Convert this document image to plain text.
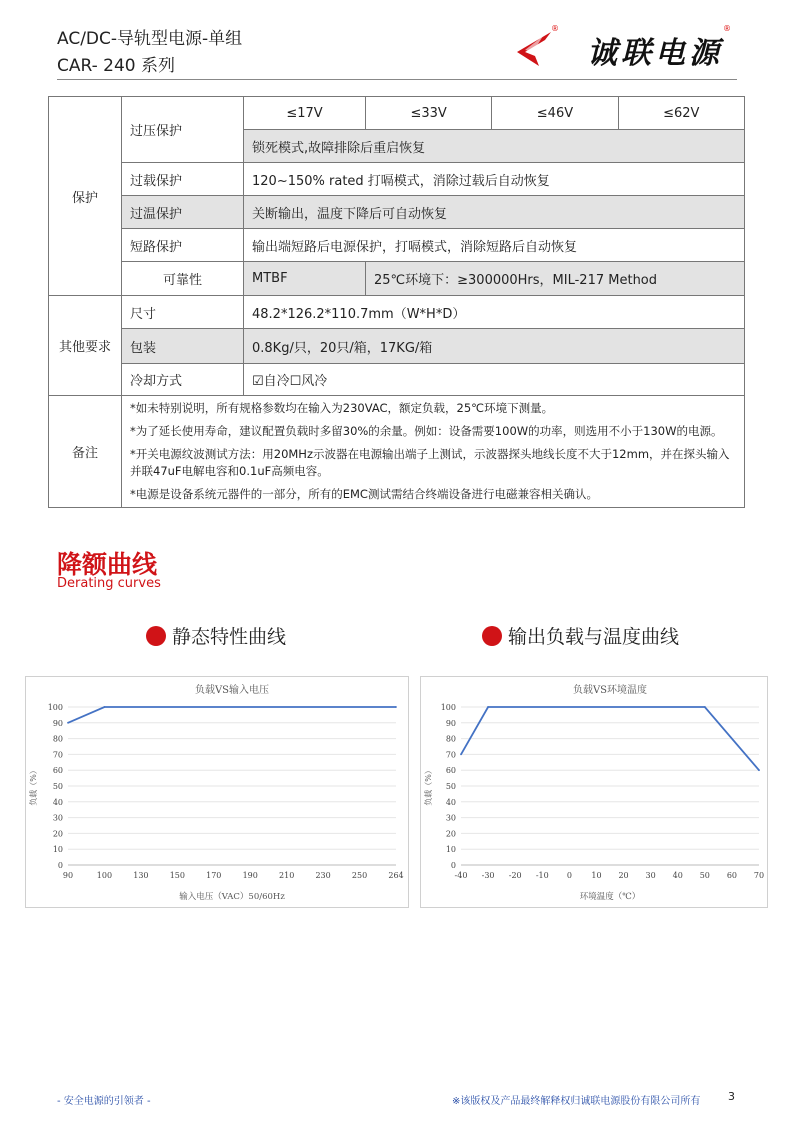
AC/DC-导轨型电源-单组
CAR- 240 系列
®
诚联电源
®
保护	过压保护	≤17V	≤33V	≤46V	≤62V
		锁死模式,故障排除后重启恢复			
	过载保护	120~150% rated 打嗝模式，消除过载后自动恢复			
	过温保护	关断输出，温度下降后可自动恢复			
	短路保护	输出端短路后电源保护，打嗝模式，消除短路后自动恢复			
	可靠性	MTBF	25℃环境下：≥300000Hrs，MIL-217 Method		
其他要求	尺寸	48.2*126.2*110.7mm（W*H*D）			
	包装	0.8Kg/只，20只/箱，17KG/箱			
	冷却方式	☑自冷☐风冷			
备注	*如未特别说明，所有规格参数均在输入为230VAC，额定负载，25℃环境下测量。
*为了延长使用寿命，建议配置负载时多留30%的余量。例如：设备需要100W的功率，则选用不小于130W的电源。
*开关电源纹波测试方法：用20MHz示波器在电源输出端子上测试，示波器探头地线长度不大于12mm，并在探头输入并联47uF电解电容和0.1uF高频电容。
*电源是设备系统元器件的一部分，所有的EMC测试需结合终端设备进行电磁兼容相关确认。				
降额曲线
Derating curves
静态特性曲线	输出负载与温度曲线
负载VS输入电压
0
10
20
30
40
50
60
70
80
90
100
90	100	130	150	170	190	210	230	250	264
输入电压（VAC）50/60Hz
负载（%）
负载VS环境温度
0
10
20
30
40
50
60
70
80
90
100
-40 -30 -20 -10 0 10 20 30 40 50 60 70
环境温度（℃）
负载（%）
- 安全电源的引领者 -	※该版权及产品最终解释权归诚联电源股份有限公司所有	3
